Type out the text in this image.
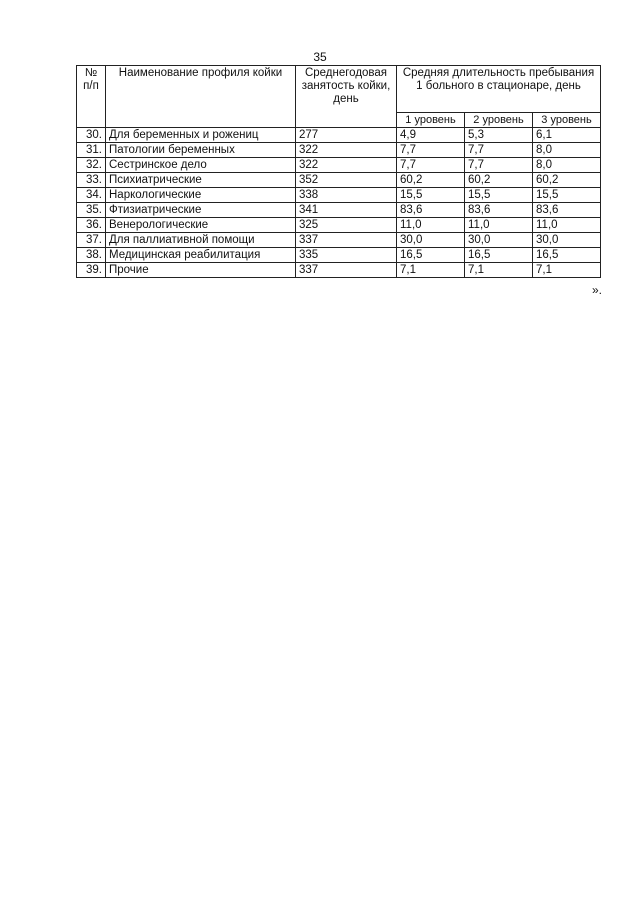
35
№ п/п	Наименование профиля койки	Среднегодовая занятость койки, день	Средняя длительность пребывания 1 больного в стационаре, день		
			1 уровень	2 уровень	3 уровень
30.	Для беременных и рожениц	277	4,9	5,3	6,1
31.	Патологии беременных	322	7,7	7,7	8,0
32.	Сестринское дело	322	7,7	7,7	8,0
33.	Психиатрические	352	60,2	60,2	60,2
34.	Наркологические	338	15,5	15,5	15,5
35.	Фтизиатрические	341	83,6	83,6	83,6
36.	Венерологические	325	11,0	11,0	11,0
37.	Для паллиативной помощи	337	30,0	30,0	30,0
38.	Медицинская реабилитация	335	16,5	16,5	16,5
39.	Прочие	337	7,1	7,1	7,1
».
